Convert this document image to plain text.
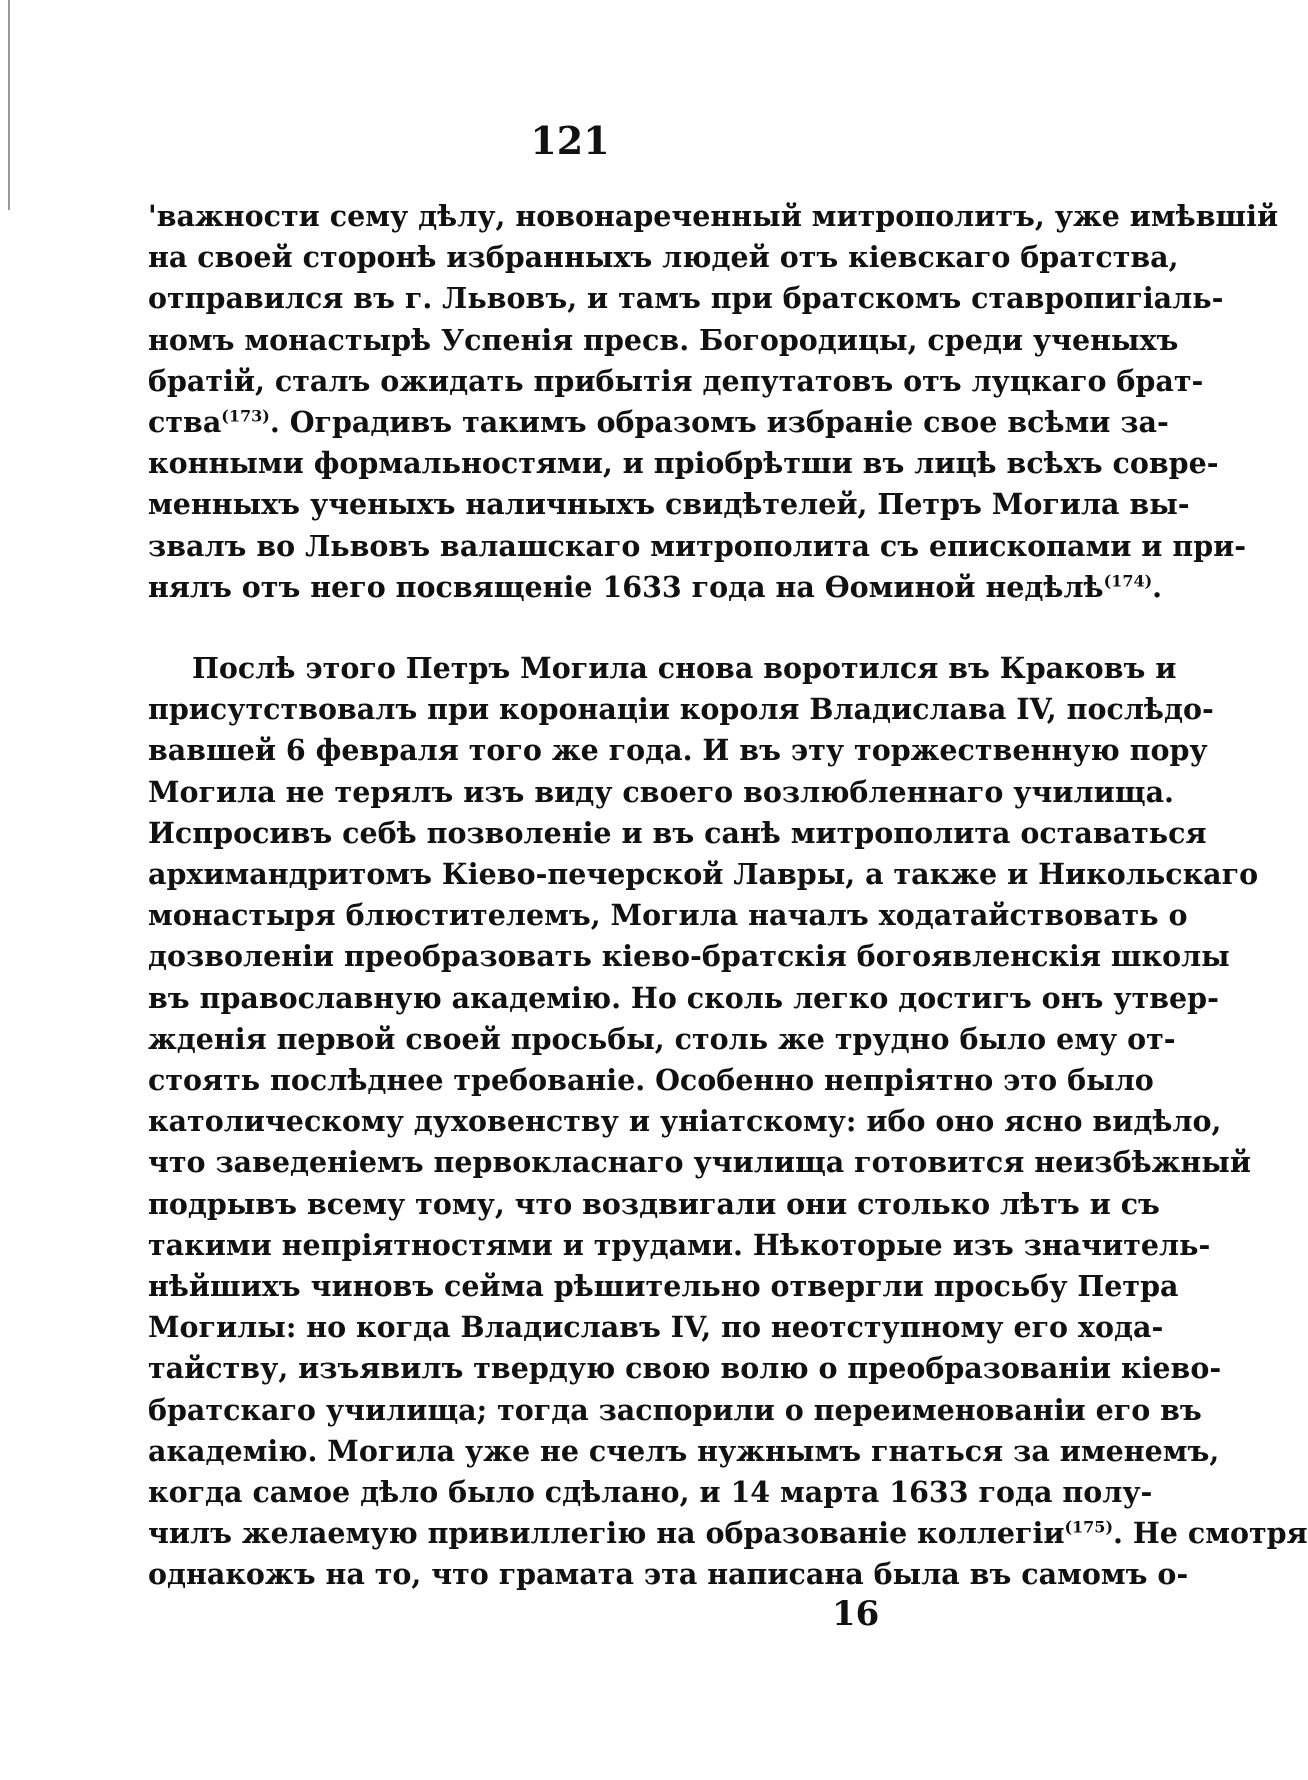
121
'важности сему дѣлу, новонареченный митрополитъ, уже имѣвшій
на своей сторонѣ избранныхъ людей отъ кіевскаго братства,
отправился въ г. Львовъ, и тамъ при братскомъ ставропигіаль-
номъ монастырѣ Успенія пресв. Богородицы, среди ученыхъ
братій, сталъ ожидать прибытія депутатовъ отъ луцкаго брат-
ства$^{(173)}$. Оградивъ такимъ образомъ избраніе свое всѣми за-
конными формальностями, и пріобрѣтши въ лицѣ всѣхъ совре-
менныхъ ученыхъ наличныхъ свидѣтелей, Петръ Могила вы-
звалъ во Львовъ валашскаго митрополита съ епископами и при-
нялъ отъ него посвященіе 1633 года на Ѳоминой недѣлѣ$^{(174)}$.
Послѣ этого Петръ Могила снова воротился въ Краковъ и
присутствовалъ при коронаціи короля Владислава IV, послѣдо-
вавшей 6 февраля того же года. И въ эту торжественную пору
Могила не терялъ изъ виду своего возлюбленнаго училища.
Испросивъ себѣ позволеніе и въ санѣ митрополита оставаться
архимандритомъ Кіево-печерской Лавры, а также и Никольскаго
монастыря блюстителемъ, Могила началъ ходатайствовать о
дозволеніи преобразовать кіево-братскія богоявленскія школы
въ православную академію. Но сколь легко достигъ онъ утвер-
жденія первой своей просьбы, столь же трудно было ему от-
стоять послѣднее требованіе. Особенно непріятно это было
католическому духовенству и уніатскому: ибо оно ясно видѣло,
что заведеніемъ первокласнаго училища готовится неизбѣжный
подрывъ всему тому, что воздвигали они столько лѣтъ и съ
такими непріятностями и трудами. Нѣкоторые изъ значитель-
нѣйшихъ чиновъ сейма рѣшительно отвергли просьбу Петра
Могилы: но когда Владиславъ IV, по неотступному его хода-
тайству, изъявилъ твердую свою волю о преобразованіи кіево-
братскаго училища; тогда заспорили о переименованіи его въ
академію. Могила уже не счелъ нужнымъ гнаться за именемъ,
когда самое дѣло было сдѣлано, и 14 марта 1633 года полу-
чилъ желаемую привиллегію на образованіе коллегіи$^{(175)}$. Не смотря
однакожъ на то, что грамата эта написана была въ самомъ о-
16
